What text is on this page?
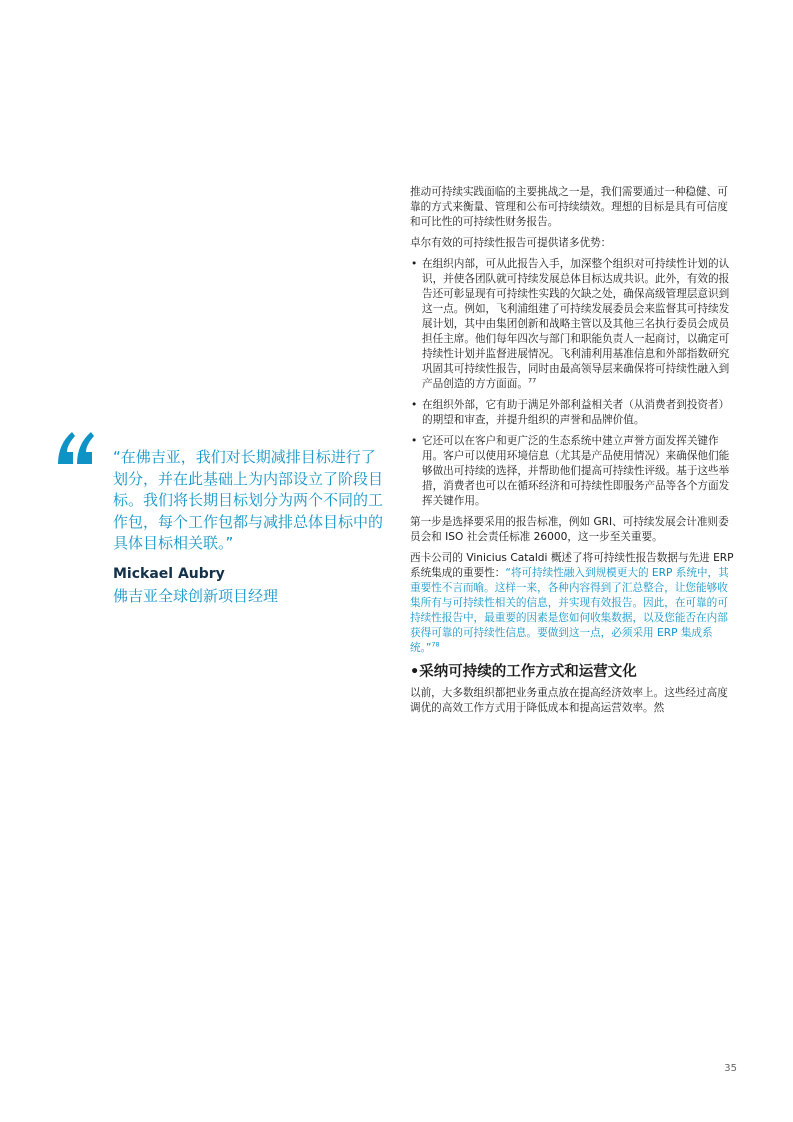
“在佛吉亚，我们对长期减排目标进行了划分，并在此基础上为内部设立了阶段目标。我们将长期目标划分为两个不同的工作包，每个工作包都与减排总体目标中的具体目标相关联。”
Mickael Aubry
佛吉亚全球创新项目经理

推动可持续实践面临的主要挑战之一是，我们需要通过一种稳健、可靠的方式来衡量、管理和公布可持续绩效。理想的目标是具有可信度和可比性的可持续性财务报告。

卓尔有效的可持续性报告可提供诸多优势：

• 在组织内部，可从此报告入手，加深整个组织对可持续性计划的认识，并使各团队就可持续发展总体目标达成共识。此外，有效的报告还可彰显现有可持续性实践的欠缺之处，确保高级管理层意识到这一点。例如，飞利浦组建了可持续发展委员会来监督其可持续发展计划，其中由集团创新和战略主管以及其他三名执行委员会成员担任主席。他们每年四次与部门和职能负责人一起商讨，以确定可持续性计划并监督进展情况。飞利浦利用基准信息和外部指数研究巩固其可持续性报告，同时由最高领导层来确保将可持续性融入到产品创造的方方面面。$^{77}$
• 在组织外部，它有助于满足外部利益相关者（从消费者到投资者）的期望和审查，并提升组织的声誉和品牌价值。
• 它还可以在客户和更广泛的生态系统中建立声誉方面发挥关键作用。客户可以使用环境信息（尤其是产品使用情况）来确保他们能够做出可持续的选择，并帮助他们提高可持续性评级。基于这些举措，消费者也可以在循环经济和可持续性即服务产品等各个方面发挥关键作用。

第一步是选择要采用的报告标准，例如 GRI、可持续发展会计准则委员会和 ISO 社会责任标准 26000，这一步至关重要。

西卡公司的 Vinicius Cataldi 概述了将可持续性报告数据与先进 ERP 系统集成的重要性：“将可持续性融入到规模更大的 ERP 系统中，其重要性不言而喻。这样一来，各种内容得到了汇总整合，让您能够收集所有与可持续性相关的信息，并实现有效报告。因此，在可靠的可持续性报告中，最重要的因素是您如何收集数据，以及您能否在内部获得可靠的可持续性信息。要做到这一点，必须采用 ERP 集成系统。”$^{78}$

•采纳可持续的工作方式和运营文化

以前，大多数组织都把业务重点放在提高经济效率上。这些经过高度调优的高效工作方式用于降低成本和提高运营效率。然

35
